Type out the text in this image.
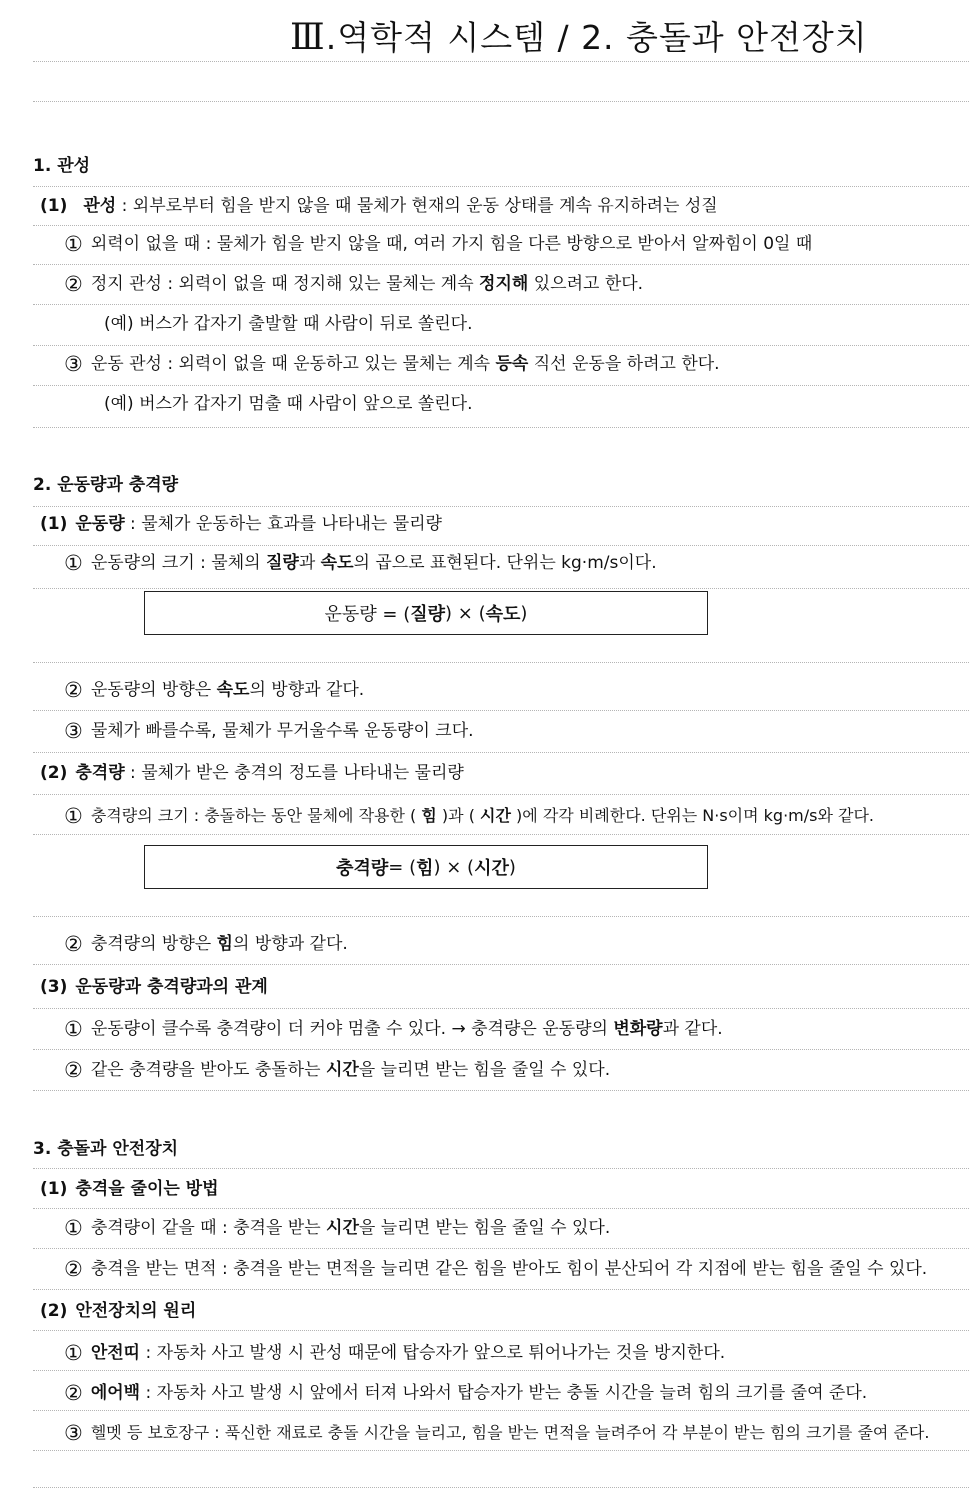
Ⅲ.역학적 시스템 / 2. 충돌과 안전장치
1. 관성
(1) 관성 : 외부로부터 힘을 받지 않을 때 물체가 현재의 운동 상태를 계속 유지하려는 성질
① 외력이 없을 때 : 물체가 힘을 받지 않을 때, 여러 가지 힘을 다른 방향으로 받아서 알짜힘이 0일 때
② 정지 관성 : 외력이 없을 때 정지해 있는 물체는 계속 정지해 있으려고 한다.
(예) 버스가 갑자기 출발할 때 사람이 뒤로 쏠린다.
③ 운동 관성 : 외력이 없을 때 운동하고 있는 물체는 계속 등속 직선 운동을 하려고 한다.
(예) 버스가 갑자기 멈출 때 사람이 앞으로 쏠린다.
2. 운동량과 충격량
(1) 운동량 : 물체가 운동하는 효과를 나타내는 물리량
① 운동량의 크기 : 물체의 질량과 속도의 곱으로 표현된다. 단위는 kg·m/s이다.
운동량 = ( 질량 ) × ( 속도 )
② 운동량의 방향은 속도의 방향과 같다.
③ 물체가 빠를수록, 물체가 무거울수록 운동량이 크다.
(2) 충격량 : 물체가 받은 충격의 정도를 나타내는 물리량
① 충격량의 크기 : 충돌하는 동안 물체에 작용한 ( 힘 )과 ( 시간 )에 각각 비례한다. 단위는 N·s이며 kg·m/s와 같다.
충격량 = ( 힘 ) × ( 시간 )
② 충격량의 방향은 힘의 방향과 같다.
(3) 운동량과 충격량과의 관계
① 운동량이 클수록 충격량이 더 커야 멈출 수 있다. → 충격량은 운동량의 변화량과 같다.
② 같은 충격량을 받아도 충돌하는 시간을 늘리면 받는 힘을 줄일 수 있다.
3. 충돌과 안전장치
(1) 충격을 줄이는 방법
① 충격량이 같을 때 : 충격을 받는 시간을 늘리면 받는 힘을 줄일 수 있다.
② 충격을 받는 면적 : 충격을 받는 면적을 늘리면 같은 힘을 받아도 힘이 분산되어 각 지점에 받는 힘을 줄일 수 있다.
(2) 안전장치의 원리
① 안전띠 : 자동차 사고 발생 시 관성 때문에 탑승자가 앞으로 튀어나가는 것을 방지한다.
② 에어백 : 자동차 사고 발생 시 앞에서 터져 나와서 탑승자가 받는 충돌 시간을 늘려 힘의 크기를 줄여 준다.
③ 헬멧 등 보호장구 : 푹신한 재료로 충돌 시간을 늘리고, 힘을 받는 면적을 늘려주어 각 부분이 받는 힘의 크기를 줄여 준다.
